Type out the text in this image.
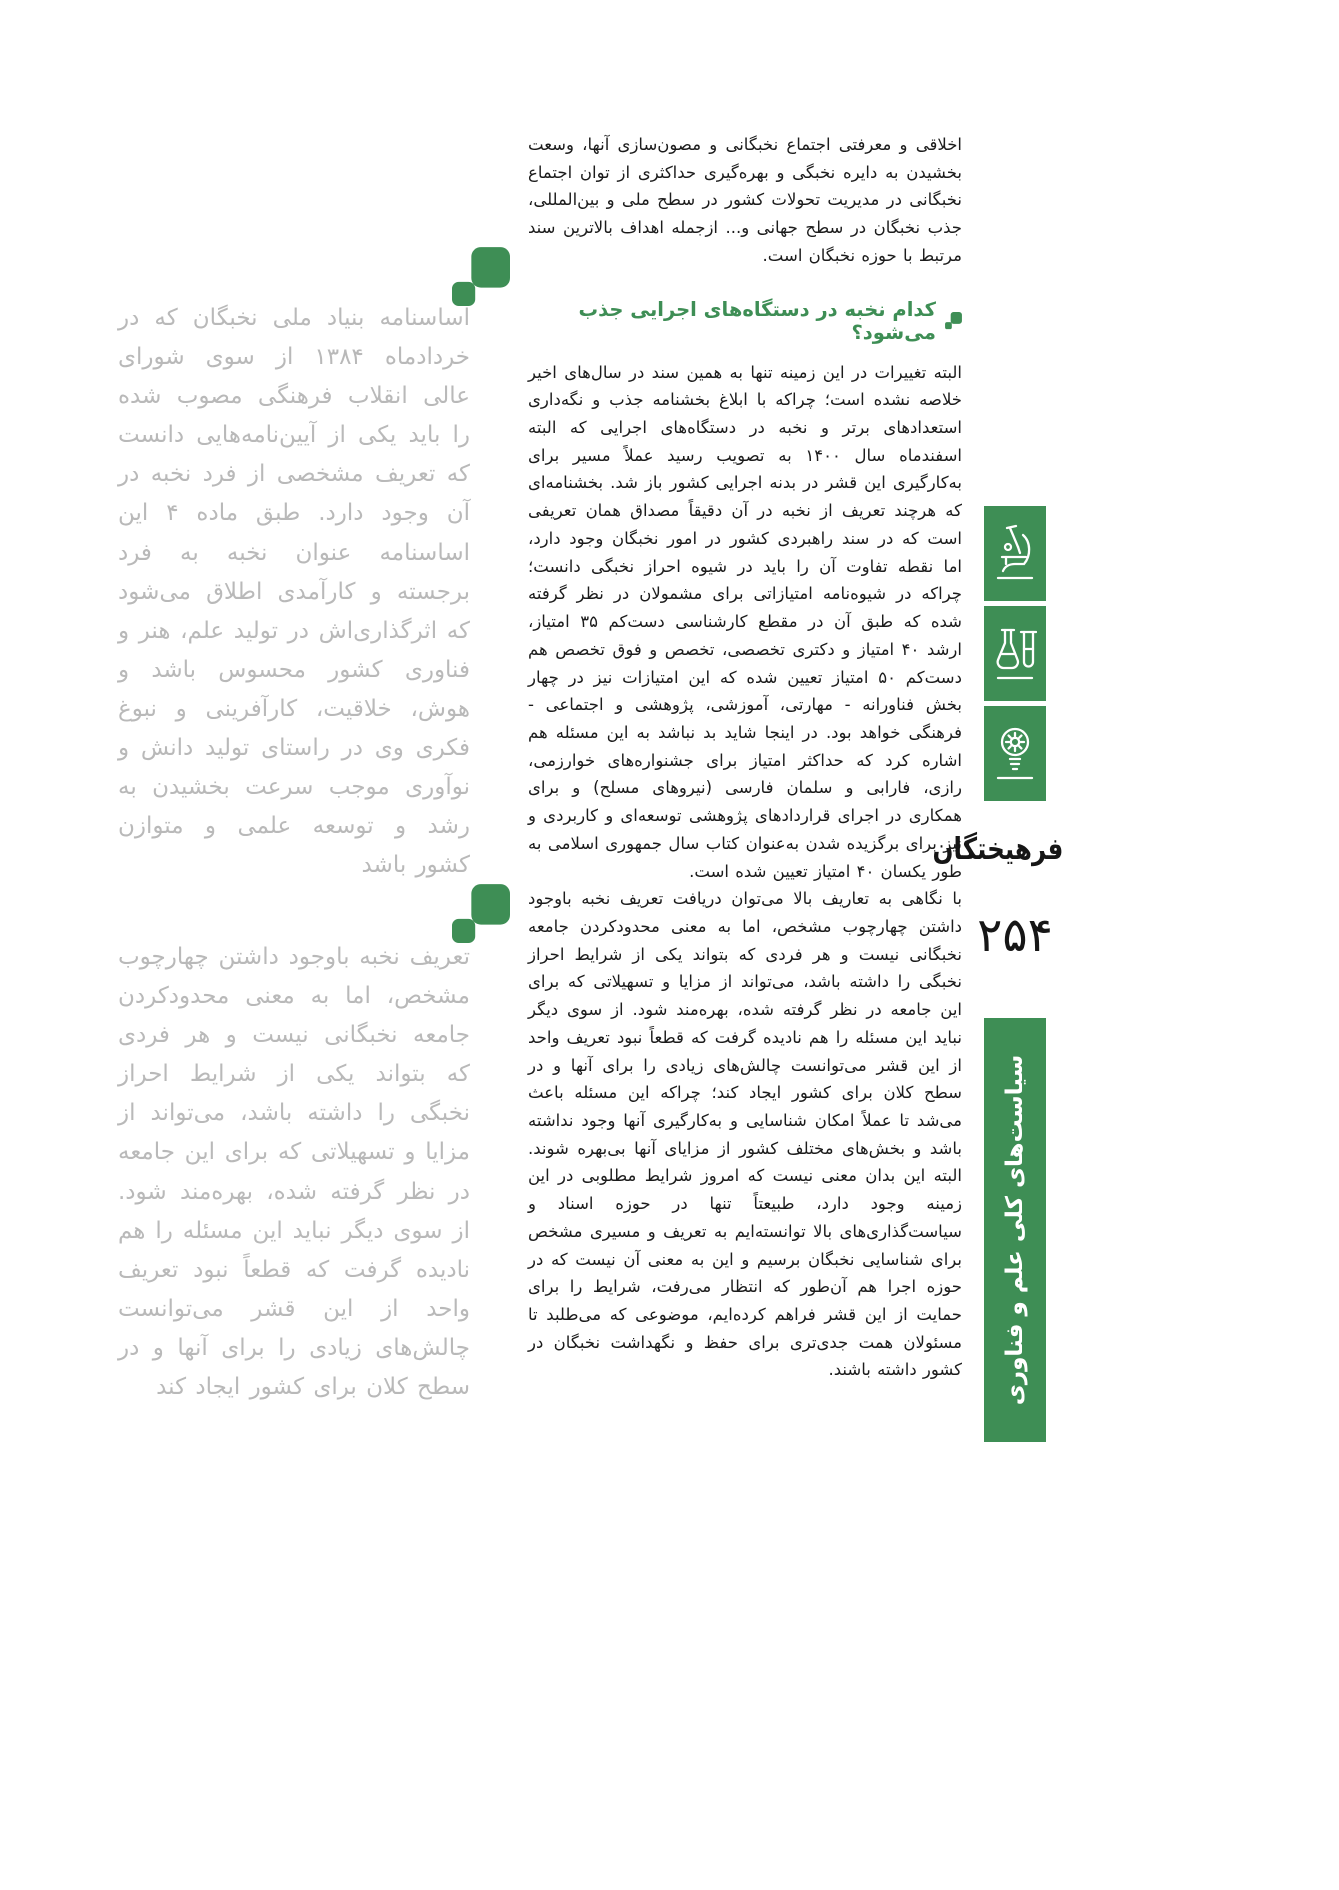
اخلاقی و معرفتی اجتماع نخبگانی و مصون‌سازی آنها، وسعت بخشیدن به دایره نخبگی و بهره‌گیری حداکثری از توان اجتماع نخبگانی در مدیریت تحولات کشور در سطح ملی و بین‌المللی، جذب نخبگان در سطح جهانی و... ازجمله اهداف بالاترین سند مرتبط با حوزه نخبگان است.

کدام نخبه در دستگاه‌های اجرایی جذب می‌شود؟

البته تغییرات در این زمینه تنها به همین سند در سال‌های اخیر خلاصه نشده است؛ چراکه با ابلاغ بخشنامه جذب و نگه‌داری استعدادهای برتر و نخبه در دستگاه‌های اجرایی که البته اسفندماه سال ۱۴۰۰ به تصویب رسید عملاً مسیر برای به‌کارگیری این قشر در بدنه اجرایی کشور باز شد. بخشنامه‌ای که هرچند تعریف از نخبه در آن دقیقاً مصداق همان تعریفی است که در سند راهبردی کشور در امور نخبگان وجود دارد، اما نقطه تفاوت آن را باید در شیوه احراز نخبگی دانست؛ چراکه در شیوه‌نامه امتیازاتی برای مشمولان در نظر گرفته شده که طبق آن در مقطع کارشناسی دست‌کم ۳۵ امتیاز، ارشد ۴۰ امتیاز و دکتری تخصصی، تخصص و فوق تخصص هم دست‌کم ۵۰ امتیاز تعیین شده که این امتیازات نیز در چهار بخش فناورانه - مهارتی، آموزشی، پژوهشی و اجتماعی - فرهنگی خواهد بود. در اینجا شاید بد نباشد به این مسئله هم اشاره کرد که حداکثر امتیاز برای جشنواره‌های خوارزمی، رازی، فارابی و سلمان فارسی (نیروهای مسلح) و برای همکاری در اجرای قراردادهای پژوهشی توسعه‌ای و کاربردی و نیز برای برگزیده شدن به‌عنوان کتاب سال جمهوری اسلامی به طور یکسان ۴۰ امتیاز تعیین شده است.

با نگاهی به تعاریف بالا می‌توان دریافت تعریف نخبه باوجود داشتن چهارچوب مشخص، اما به معنی محدودکردن جامعه نخبگانی نیست و هر فردی که بتواند یکی از شرایط احراز نخبگی را داشته باشد، می‌تواند از مزایا و تسهیلاتی که برای این جامعه در نظر گرفته شده، بهره‌مند شود. از سوی دیگر نباید این مسئله را هم نادیده گرفت که قطعاً نبود تعریف واحد از این قشر می‌توانست چالش‌های زیادی را برای آنها و در سطح کلان برای کشور ایجاد کند؛ چراکه این مسئله باعث می‌شد تا عملاً امکان شناسایی و به‌کارگیری آنها وجود نداشته باشد و بخش‌های مختلف کشور از مزایای آنها بی‌بهره شوند. البته این بدان معنی نیست که امروز شرایط مطلوبی در این زمینه وجود دارد، طبیعتاً تنها در حوزه اسناد و سیاست‌گذاری‌های بالا توانسته‌ایم به تعریف و مسیری مشخص برای شناسایی نخبگان برسیم و این به معنی آن نیست که در حوزه اجرا هم آن‌طور که انتظار می‌رفت، شرایط را برای حمایت از این قشر فراهم کرده‌ایم، موضوعی که می‌طلبد تا مسئولان همت جدی‌تری برای حفظ و نگهداشت نخبگان در کشور داشته باشند.

اساسنامه بنیاد ملی نخبگان که در خردادماه ۱۳۸۴ از سوی شورای عالی انقلاب فرهنگی مصوب شده را باید یکی از آیین‌نامه‌هایی دانست که تعریف مشخصی از فرد نخبه در آن وجود دارد. طبق ماده ۴ این اساسنامه عنوان نخبه به فرد برجسته و کارآمدی اطلاق می‌شود که اثرگذاری‌اش در تولید علم، هنر و فناوری کشور محسوس باشد و هوش، خلاقیت، کارآفرینی و نبوغ فکری وی در راستای تولید دانش و نوآوری موجب سرعت بخشیدن به رشد و توسعه علمی و متوازن کشور باشد

تعریف نخبه باوجود داشتن چهارچوب مشخص، اما به معنی محدودکردن جامعه نخبگانی نیست و هر فردی که بتواند یکی از شرایط احراز نخبگی را داشته باشد، می‌تواند از مزایا و تسهیلاتی که برای این جامعه در نظر گرفته شده، بهره‌مند شود. از سوی دیگر نباید این مسئله را هم نادیده گرفت که قطعاً نبود تعریف واحد از این قشر می‌توانست چالش‌های زیادی را برای آنها و در سطح کلان برای کشور ایجاد کند

فرهیختگان
۲۵۴
سیاست‌های کلی علم و فناوری
